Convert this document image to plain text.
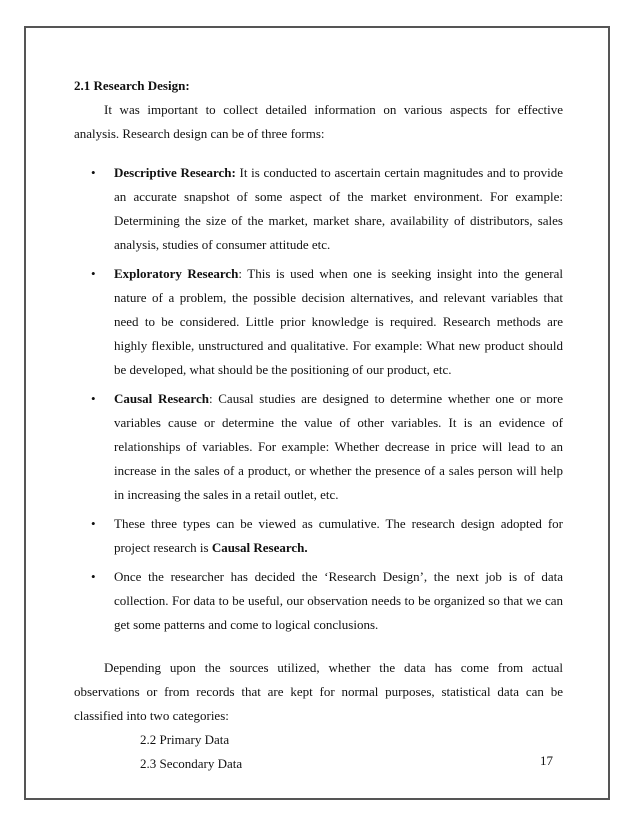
2.1 Research Design:

It was important to collect detailed information on various aspects for effective analysis. Research design can be of three forms:

• Descriptive Research: It is conducted to ascertain certain magnitudes and to provide an accurate snapshot of some aspect of the market environment. For example: Determining the size of the market, market share, availability of distributors, sales analysis, studies of consumer attitude etc.
• Exploratory Research: This is used when one is seeking insight into the general nature of a problem, the possible decision alternatives, and relevant variables that need to be considered. Little prior knowledge is required. Research methods are highly flexible, unstructured and qualitative. For example: What new product should be developed, what should be the positioning of our product, etc.
• Causal Research: Causal studies are designed to determine whether one or more variables cause or determine the value of other variables. It is an evidence of relationships of variables. For example: Whether decrease in price will lead to an increase in the sales of a product, or whether the presence of a sales person will help in increasing the sales in a retail outlet, etc.
• These three types can be viewed as cumulative. The research design adopted for project research is Causal Research.
• Once the researcher has decided the ‘Research Design’, the next job is of data collection. For data to be useful, our observation needs to be organized so that we can get some patterns and come to logical conclusions.

Depending upon the sources utilized, whether the data has come from actual observations or from records that are kept for normal purposes, statistical data can be classified into two categories:

2.2 Primary Data

2.3 Secondary Data	17
